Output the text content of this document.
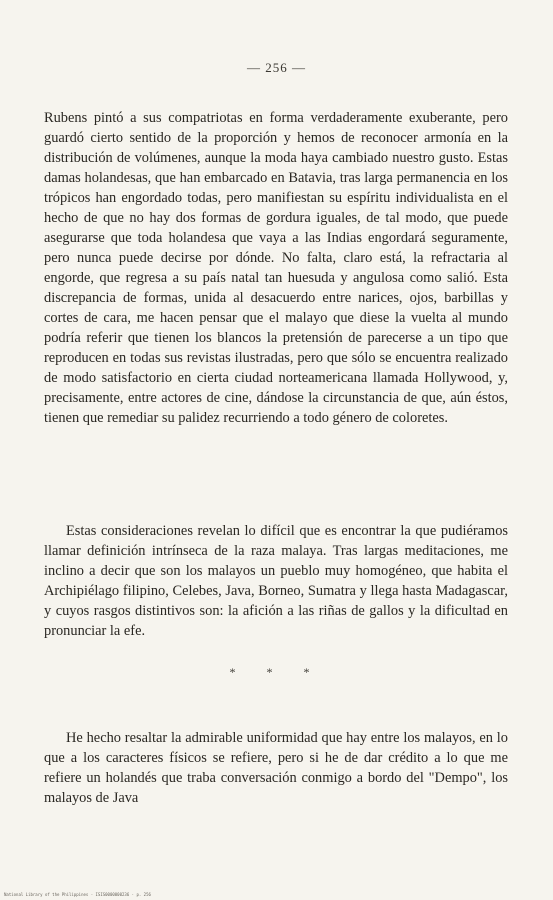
— 256 —

Rubens pintó a sus compatriotas en forma verdaderamente exuberante, pero guardó cierto sentido de la proporción y hemos de reconocer armonía en la distribución de volúmenes, aunque la moda haya cambiado nuestro gusto. Estas damas holandesas, que han embarcado en Batavia, tras larga permanencia en los trópicos han engordado todas, pero manifiestan su espíritu individualista en el hecho de que no hay dos formas de gordura iguales, de tal modo, que puede asegurarse que toda holandesa que vaya a las Indias engordará seguramente, pero nunca puede decirse por dónde. No falta, claro está, la refractaria al engorde, que regresa a su país natal tan huesuda y angulosa como salió. Esta discrepancia de formas, unida al desacuerdo entre narices, ojos, barbillas y cortes de cara, me hacen pensar que el malayo que diese la vuelta al mundo podría referir que tienen los blancos la pretensión de parecerse a un tipo que reproducen en todas sus revistas ilustradas, pero que sólo se encuentra realizado de modo satisfactorio en cierta ciudad norteamericana llamada Hollywood, y, precisamente, entre actores de cine, dándose la circunstancia de que, aún éstos, tienen que remediar su palidez recurriendo a todo género de coloretes.

Estas consideraciones revelan lo difícil que es encontrar la que pudiéramos llamar definición intrínseca de la raza malaya. Tras largas meditaciones, me inclino a decir que son los malayos un pueblo muy homogéneo, que habita el Archipiélago filipino, Celebes, Java, Borneo, Sumatra y llega hasta Madagascar, y cuyos rasgos distintivos son: la afición a las riñas de gallos y la dificultad en pronunciar la efe.

* * *

He hecho resaltar la admirable uniformidad que hay entre los malayos, en lo que a los caracteres físicos se refiere, pero si he de dar crédito a lo que me refiere un holandés que traba conversación conmigo a bordo del "Dempo", los malayos de Java

National Library of the Philippines · ISIS0000000236 · p. 256
